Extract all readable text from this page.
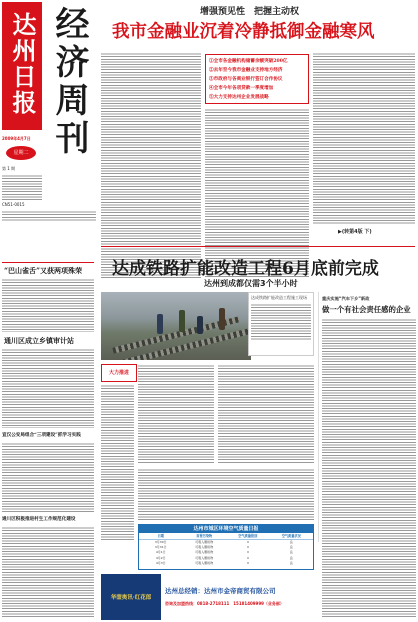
达州日报 经济周刊
2009年4月7日
星期二
第 1 期
CN51-0015
增强预见性　把握主动权
我市金融业沉着冷静抵御金融寒风
①全市各金融机构储蓄余额突破200亿
②去年至今我市金融业支持地方经济
③市政府与各商业银行签订合作协议
④全市今年各项贷款一季度增加
⑤大力支持达州企业发展战略
▶(转第4版 下)
“巴山雀舌”又获两项殊荣
通川区成立乡镇审计站
宣汉公安局组合“三项建设”抓学习实践
通川区积极推进村生工作规范化建设
达成铁路扩能改造工程6月底前完成
达州到成都仅需3个半小时
达成铁路扩能改造工程施工现场
大力推进
达州市城区环境空气质量日报
日期	首要污染物	空气质量级别	空气质量状况
3月30日	可吸入颗粒物	II	良
3月31日	可吸入颗粒物	II	良
4月1日	可吸入颗粒物	II	良
4月2日	可吸入颗粒物	II	良
4月3日	可吸入颗粒物	II	良
重庆实施“汽车下乡”新政
做一个有社会责任感的企业
华蓥奥讯·红花郎
达州总经销：达州市金帝商贸有限公司
咨询及加盟热线：0818-2718111　15181409999（业务部）
